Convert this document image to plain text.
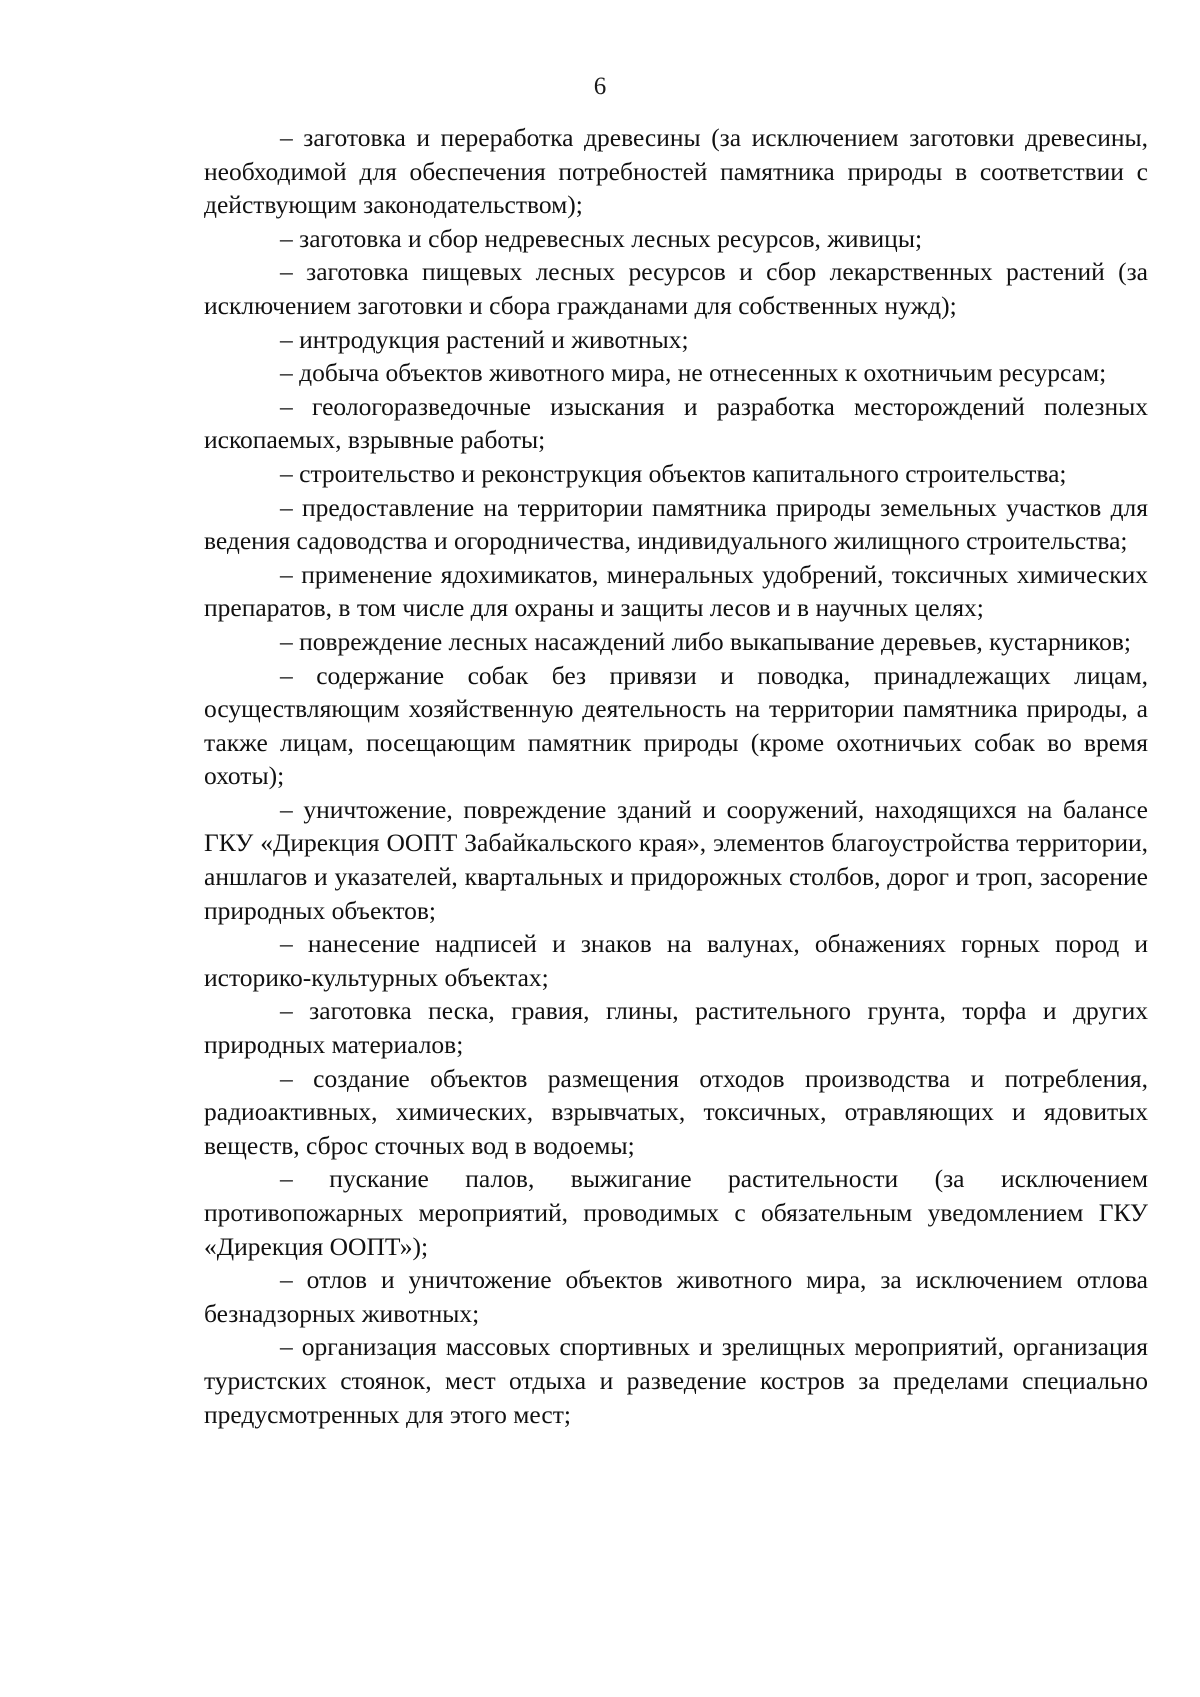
6

– заготовка и переработка древесины (за исключением заготовки древесины, необходимой для обеспечения потребностей памятника природы в соответствии с действующим законодательством);

– заготовка и сбор недревесных лесных ресурсов, живицы;

– заготовка пищевых лесных ресурсов и сбор лекарственных растений (за исключением заготовки и сбора гражданами для собственных нужд);

– интродукция растений и животных;

– добыча объектов животного мира, не отнесенных к охотничьим ресурсам;

– геологоразведочные изыскания и разработка месторождений полезных ископаемых, взрывные работы;

– строительство и реконструкция объектов капитального строительства;

– предоставление на территории памятника природы земельных участков для ведения садоводства и огородничества, индивидуального жилищного строительства;

– применение ядохимикатов, минеральных удобрений, токсичных химических препаратов, в том числе для охраны и защиты лесов и в научных целях;

– повреждение лесных насаждений либо выкапывание деревьев, кустарников;

– содержание собак без привязи и поводка, принадлежащих лицам, осуществляющим хозяйственную деятельность на территории памятника природы, а также лицам, посещающим памятник природы (кроме охотничьих собак во время охоты);

– уничтожение, повреждение зданий и сооружений, находящихся на балансе ГКУ «Дирекция ООПТ Забайкальского края», элементов благоустройства территории, аншлагов и указателей, квартальных и придорожных столбов, дорог и троп, засорение природных объектов;

– нанесение надписей и знаков на валунах, обнажениях горных пород и историко-культурных объектах;

– заготовка песка, гравия, глины, растительного грунта, торфа и других природных материалов;

– создание объектов размещения отходов производства и потребления, радиоактивных, химических, взрывчатых, токсичных, отравляющих и ядовитых веществ, сброс сточных вод в водоемы;

– пускание палов, выжигание растительности (за исключением противопожарных мероприятий, проводимых с обязательным уведомлением ГКУ «Дирекция ООПТ»);

– отлов и уничтожение объектов животного мира, за исключением отлова безнадзорных животных;

– организация массовых спортивных и зрелищных мероприятий, организация туристских стоянок, мест отдыха и разведение костров за пределами специально предусмотренных для этого мест;
